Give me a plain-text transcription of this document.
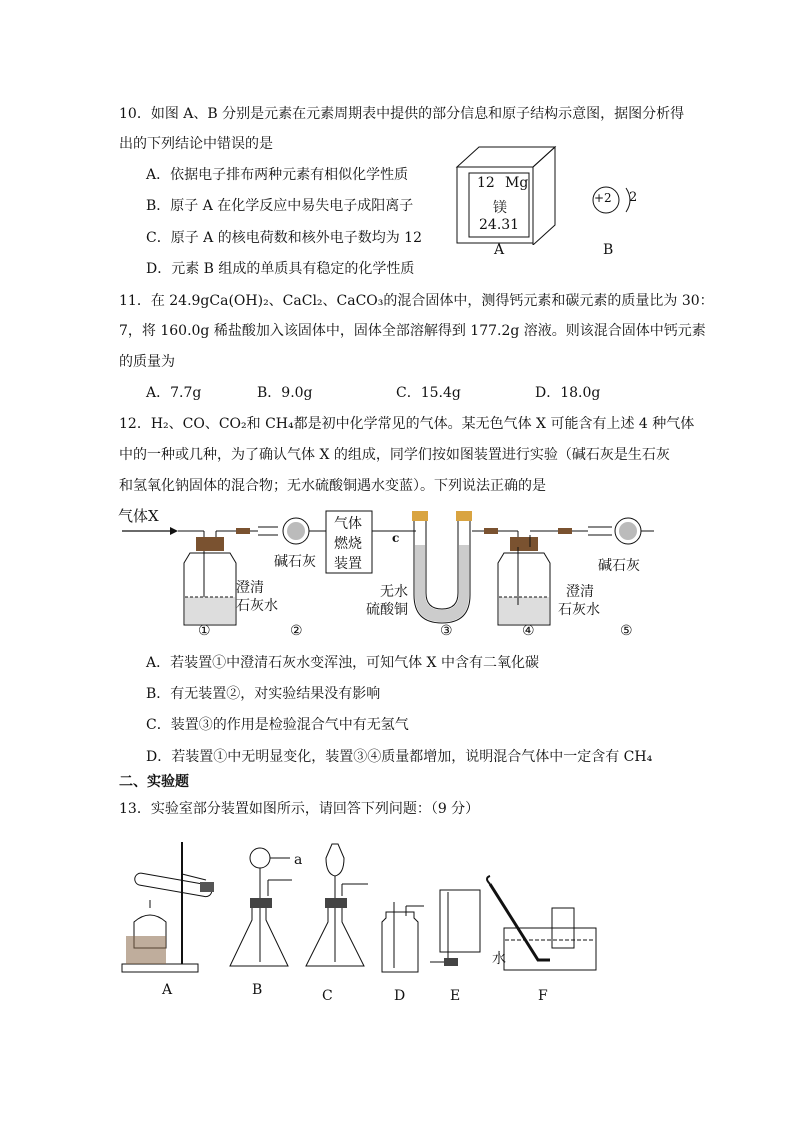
10．如图 A、B 分别是元素在元素周期表中提供的部分信息和原子结构示意图，据图分析得
出的下列结论中错误的是
A．依据电子排布两种元素有相似化学性质
B．原子 A 在化学反应中易失电子成阳离子
C．原子 A 的核电荷数和核外电子数均为 12
D．元素 B 组成的单质具有稳定的化学性质
12 Mg
镁
24.31
A
+2 2
B
11．在 24.9gCa(OH)₂、CaCl₂、CaCO₃的混合固体中，测得钙元素和碳元素的质量比为 30：
7，将 160.0g 稀盐酸加入该固体中，固体全部溶解得到 177.2g 溶液。则该混合固体中钙元素
的质量为
A．7.7g	B．9.0g	C．15.4g	D．18.0g
12．H₂、CO、CO₂和 CH₄都是初中化学常见的气体。某无色气体 X 可能含有上述 4 种气体
中的一种或几种，为了确认气体 X 的组成，同学们按如图装置进行实验（碱石灰是生石灰
和氢氧化钠固体的混合物；无水硫酸铜遇水变蓝）。下列说法正确的是
气体X
碱石灰
澄清
石灰水
气体
燃烧
装置
c
无水
硫酸铜
碱石灰
澄清
石灰水
①	②	③	④	⑤
A．若装置①中澄清石灰水变浑浊，可知气体 X 中含有二氧化碳
B．有无装置②，对实验结果没有影响
C．装置③的作用是检验混合气中有无氢气
D．若装置①中无明显变化，装置③④质量都增加，说明混合气体中一定含有 CH₄
二、实验题
13．实验室部分装置如图所示，请回答下列问题：（9 分）
a
水
A	B	C	D	E	F
